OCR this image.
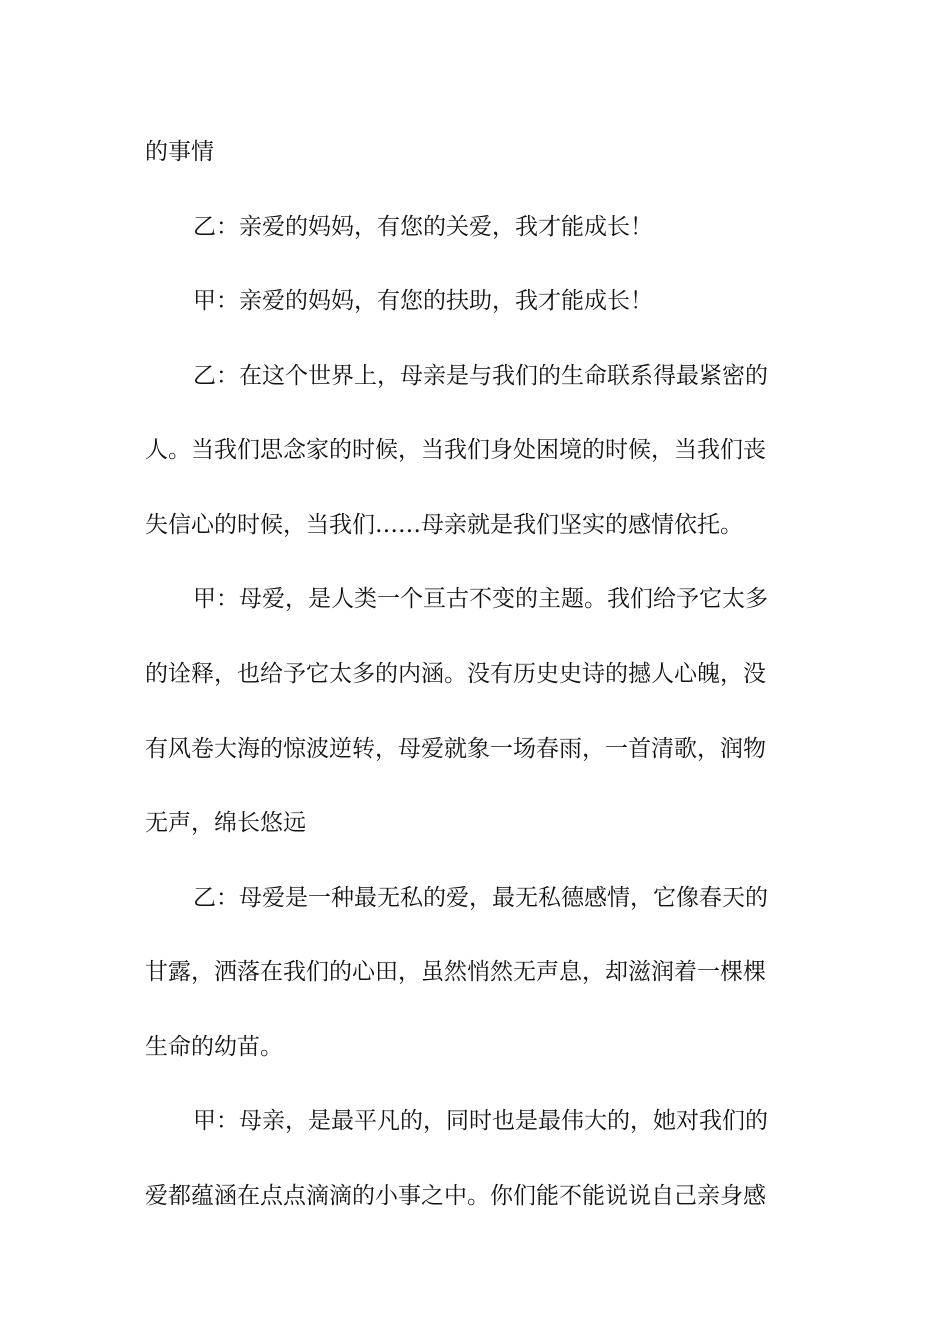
的事情
乙：亲爱的妈妈，有您的关爱，我才能成长！
甲：亲爱的妈妈，有您的扶助，我才能成长！
乙：在这个世界上，母亲是与我们的生命联系得最紧密的
人。当我们思念家的时候，当我们身处困境的时候，当我们丧
失信心的时候，当我们……母亲就是我们坚实的感情依托。
甲：母爱，是人类一个亘古不变的主题。我们给予它太多
的诠释，也给予它太多的内涵。没有历史史诗的撼人心魄，没
有风卷大海的惊波逆转，母爱就象一场春雨，一首清歌，润物
无声，绵长悠远
乙：母爱是一种最无私的爱，最无私德感情，它像春天的
甘露，洒落在我们的心田，虽然悄然无声息，却滋润着一棵棵
生命的幼苗。
甲：母亲，是最平凡的，同时也是最伟大的，她对我们的
爱都蕴涵在点点滴滴的小事之中。你们能不能说说自己亲身感
